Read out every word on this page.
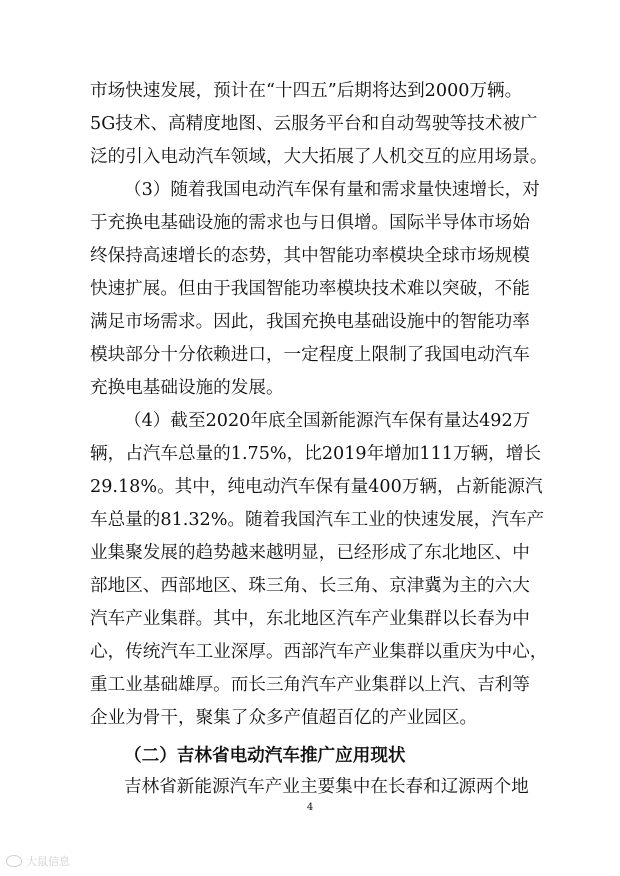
市场快速发展，预计在“十四五”后期将达到2000万辆。

5G技术、高精度地图、云服务平台和自动驾驶等技术被广

泛的引入电动汽车领域，大大拓展了人机交互的应用场景。

（3）随着我国电动汽车保有量和需求量快速增长，对

于充换电基础设施的需求也与日俱增。国际半导体市场始

终保持高速增长的态势，其中智能功率模块全球市场规模

快速扩展。但由于我国智能功率模块技术难以突破，不能

满足市场需求。因此，我国充换电基础设施中的智能功率

模块部分十分依赖进口，一定程度上限制了我国电动汽车

充换电基础设施的发展。

（4）截至2020年底全国新能源汽车保有量达492万

辆，占汽车总量的1.75%，比2019年增加111万辆，增长

29.18%。其中，纯电动汽车保有量400万辆，占新能源汽

车总量的81.32%。随着我国汽车工业的快速发展，汽车产

业集聚发展的趋势越来越明显，已经形成了东北地区、中

部地区、西部地区、珠三角、长三角、京津冀为主的六大

汽车产业集群。其中，东北地区汽车产业集群以长春为中

心，传统汽车工业深厚。西部汽车产业集群以重庆为中心，

重工业基础雄厚。而长三角汽车产业集群以上汽、吉利等

企业为骨干，聚集了众多产值超百亿的产业园区。

（二）吉林省电动汽车推广应用现状

吉林省新能源汽车产业主要集中在长春和辽源两个地

4

大鼠信息
